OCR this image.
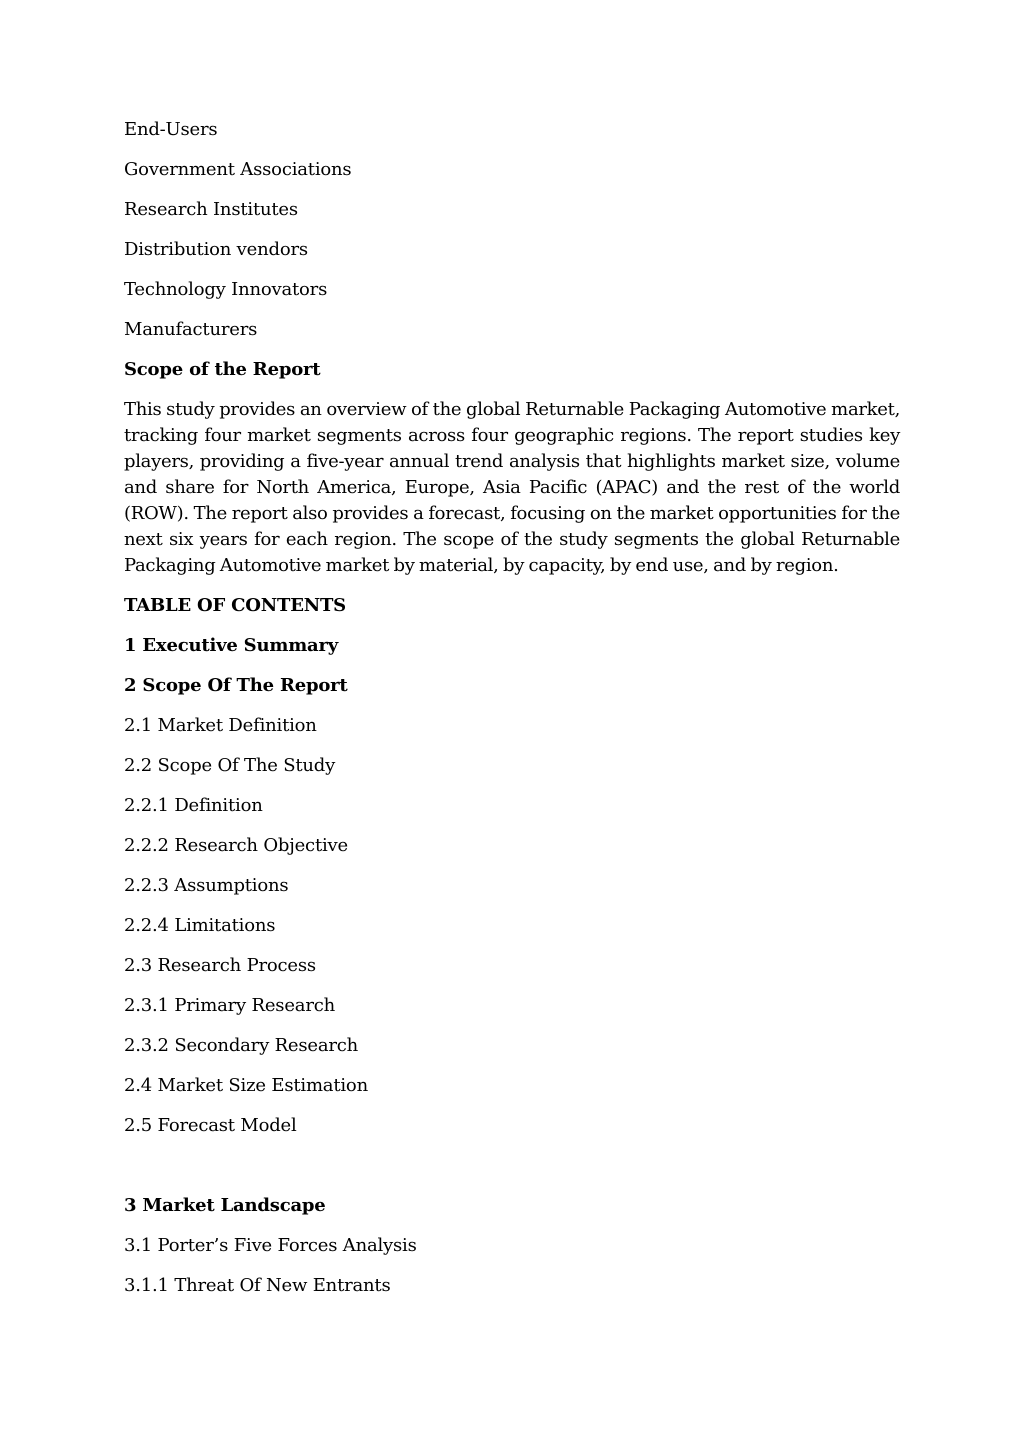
End-Users
Government Associations
Research Institutes
Distribution vendors
Technology Innovators
Manufacturers
Scope of the Report
This study provides an overview of the global Returnable Packaging Automotive market, tracking four market segments across four geographic regions. The report studies key players, providing a five-year annual trend analysis that highlights market size, volume and share for North America, Europe, Asia Pacific (APAC) and the rest of the world (ROW). The report also provides a forecast, focusing on the market opportunities for the next six years for each region. The scope of the study segments the global Returnable Packaging Automotive market by material, by capacity, by end use, and by region.
TABLE OF CONTENTS
1 Executive Summary
2 Scope Of The Report
2.1 Market Definition
2.2 Scope Of The Study
2.2.1 Definition
2.2.2 Research Objective
2.2.3 Assumptions
2.2.4 Limitations
2.3 Research Process
2.3.1 Primary Research
2.3.2 Secondary Research
2.4 Market Size Estimation
2.5 Forecast Model
3 Market Landscape
3.1 Porter’s Five Forces Analysis
3.1.1 Threat Of New Entrants
